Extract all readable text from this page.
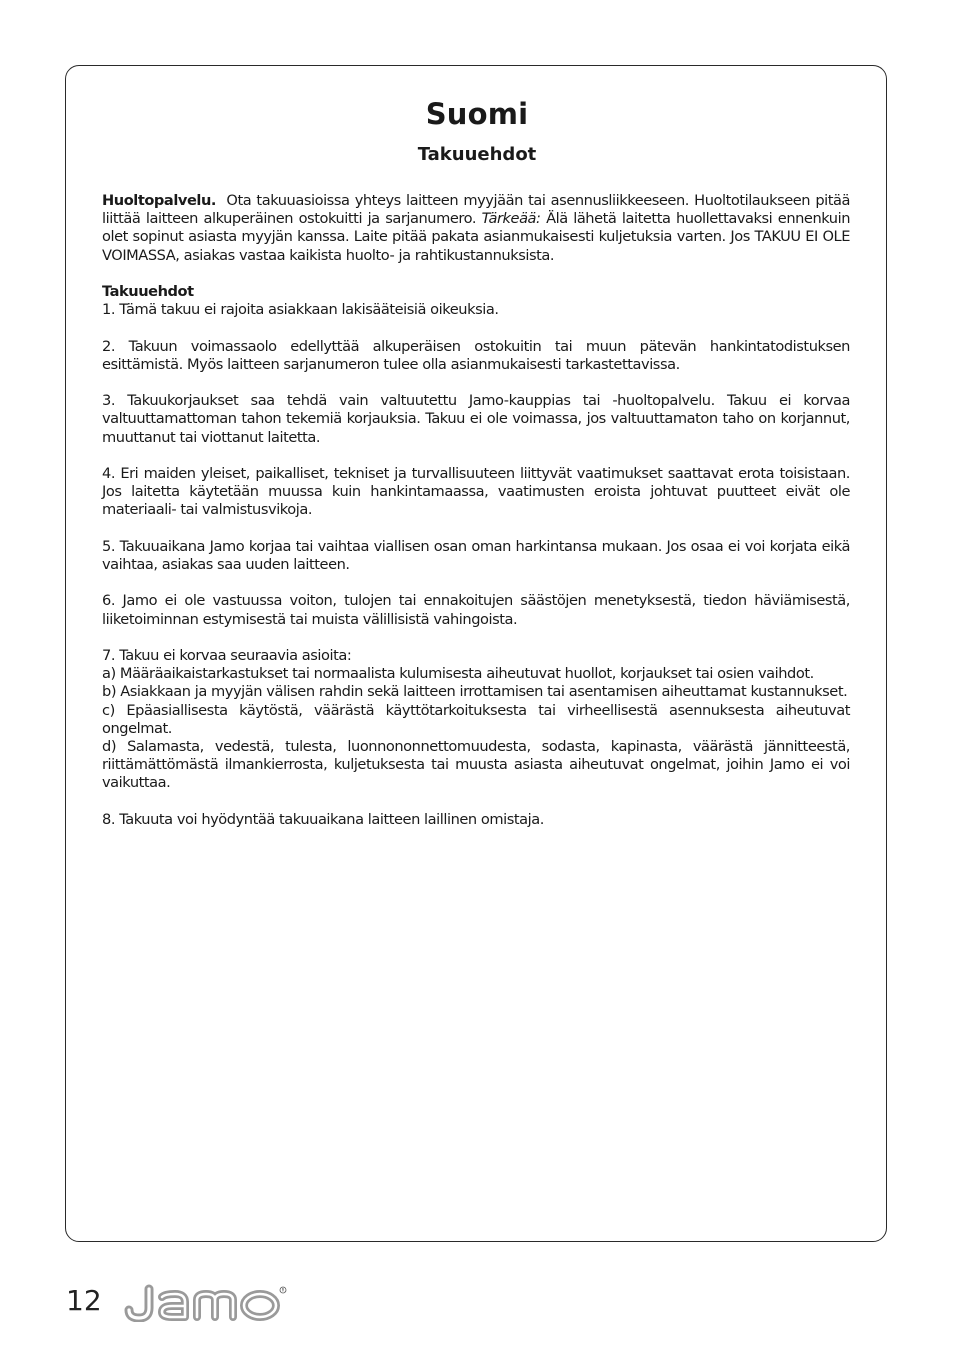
Suomi
Takuuehdot

Huoltopalvelu. Ota takuuasioissa yhteys laitteen myyjään tai asennusliikkeeseen. Huoltotilaukseen pitää liittää laitteen alkuperäinen ostokuitti ja sarjanumero. Tärkeää: Älä lähetä laitetta huollettavaksi ennenkuin olet sopinut asiasta myyjän kanssa. Laite pitää pakata asianmukaisesti kuljetuksia varten. Jos TAKUU EI OLE VOIMASSA, asiakas vastaa kaikista huolto- ja rahtikustannuksista.

Takuuehdot

1. Tämä takuu ei rajoita asiakkaan lakisääteisiä oikeuksia.

2. Takuun voimassaolo edellyttää alkuperäisen ostokuitin tai muun pätevän hankintatodistuksen esittämistä. Myös laitteen sarjanumeron tulee olla asianmukaisesti tarkastettavissa.

3. Takuukorjaukset saa tehdä vain valtuutettu Jamo-kauppias tai -huoltopalvelu. Takuu ei korvaa valtuuttamattoman tahon tekemiä korjauksia. Takuu ei ole voimassa, jos valtuuttamaton taho on korjannut, muuttanut tai viottanut laitetta.

4. Eri maiden yleiset, paikalliset, tekniset ja turvallisuuteen liittyvät vaatimukset saattavat erota toisistaan. Jos laitetta käytetään muussa kuin hankintamaassa, vaatimusten eroista johtuvat puutteet eivät ole materiaali- tai valmistusvikoja.

5. Takuuaikana Jamo korjaa tai vaihtaa viallisen osan oman harkintansa mukaan. Jos osaa ei voi korjata eikä vaihtaa, asiakas saa uuden laitteen.

6. Jamo ei ole vastuussa voiton, tulojen tai ennakoitujen säästöjen menetyksestä, tiedon häviämisestä, liiketoiminnan estymisestä tai muista välillisistä vahingoista.

7. Takuu ei korvaa seuraavia asioita:

a) Määräaikaistarkastukset tai normaalista kulumisesta aiheutuvat huollot, korjaukset tai osien vaihdot.

b) Asiakkaan ja myyjän välisen rahdin sekä laitteen irrottamisen tai asentamisen aiheuttamat kustannukset.

c) Epäasiallisesta käytöstä, väärästä käyttötarkoituksesta tai virheellisestä asennuksesta aiheutuvat ongelmat.

d) Salamasta, vedestä, tulesta, luonnononnettomuudesta, sodasta, kapinasta, väärästä jännitteestä, riittämättömästä ilmankierrosta, kuljetuksesta tai muusta asiasta aiheutuvat ongelmat, joihin Jamo ei voi vaikuttaa.

8. Takuuta voi hyödyntää takuuaikana laitteen laillinen omistaja.

12	R
